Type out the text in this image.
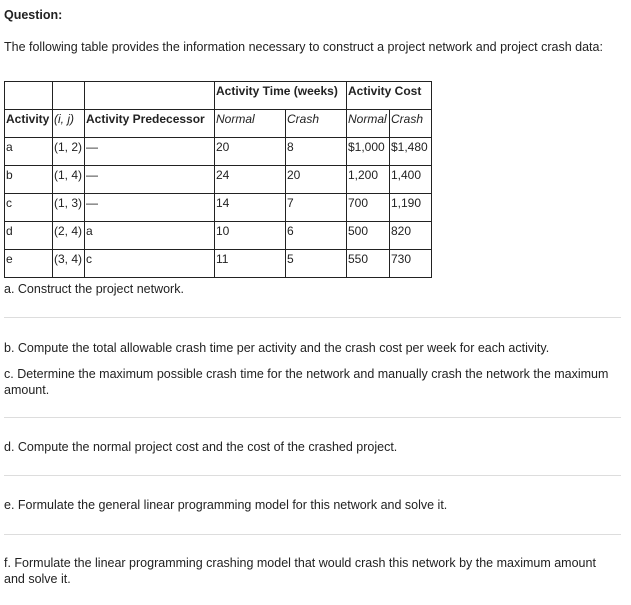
Question:
The following table provides the information necessary to construct a project network and project crash data:
			Activity Time (weeks)		Activity Cost	
Activity	(i, j)	Activity Predecessor	Normal	Crash	Normal	Crash
a	(1, 2)	—	20	8	$1,000	$1,480
b	(1, 4)	—	24	20	1,200	1,400
c	(1, 3)	—	14	7	700	1,190
d	(2, 4)	a	10	6	500	820
e	(3, 4)	c	11	5	550	730
a. Construct the project network.
b. Compute the total allowable crash time per activity and the crash cost per week for each activity.
c. Determine the maximum possible crash time for the network and manually crash the network the maximum amount.
d. Compute the normal project cost and the cost of the crashed project.
e. Formulate the general linear programming model for this network and solve it.
f. Formulate the linear programming crashing model that would crash this network by the maximum amount and solve it.
